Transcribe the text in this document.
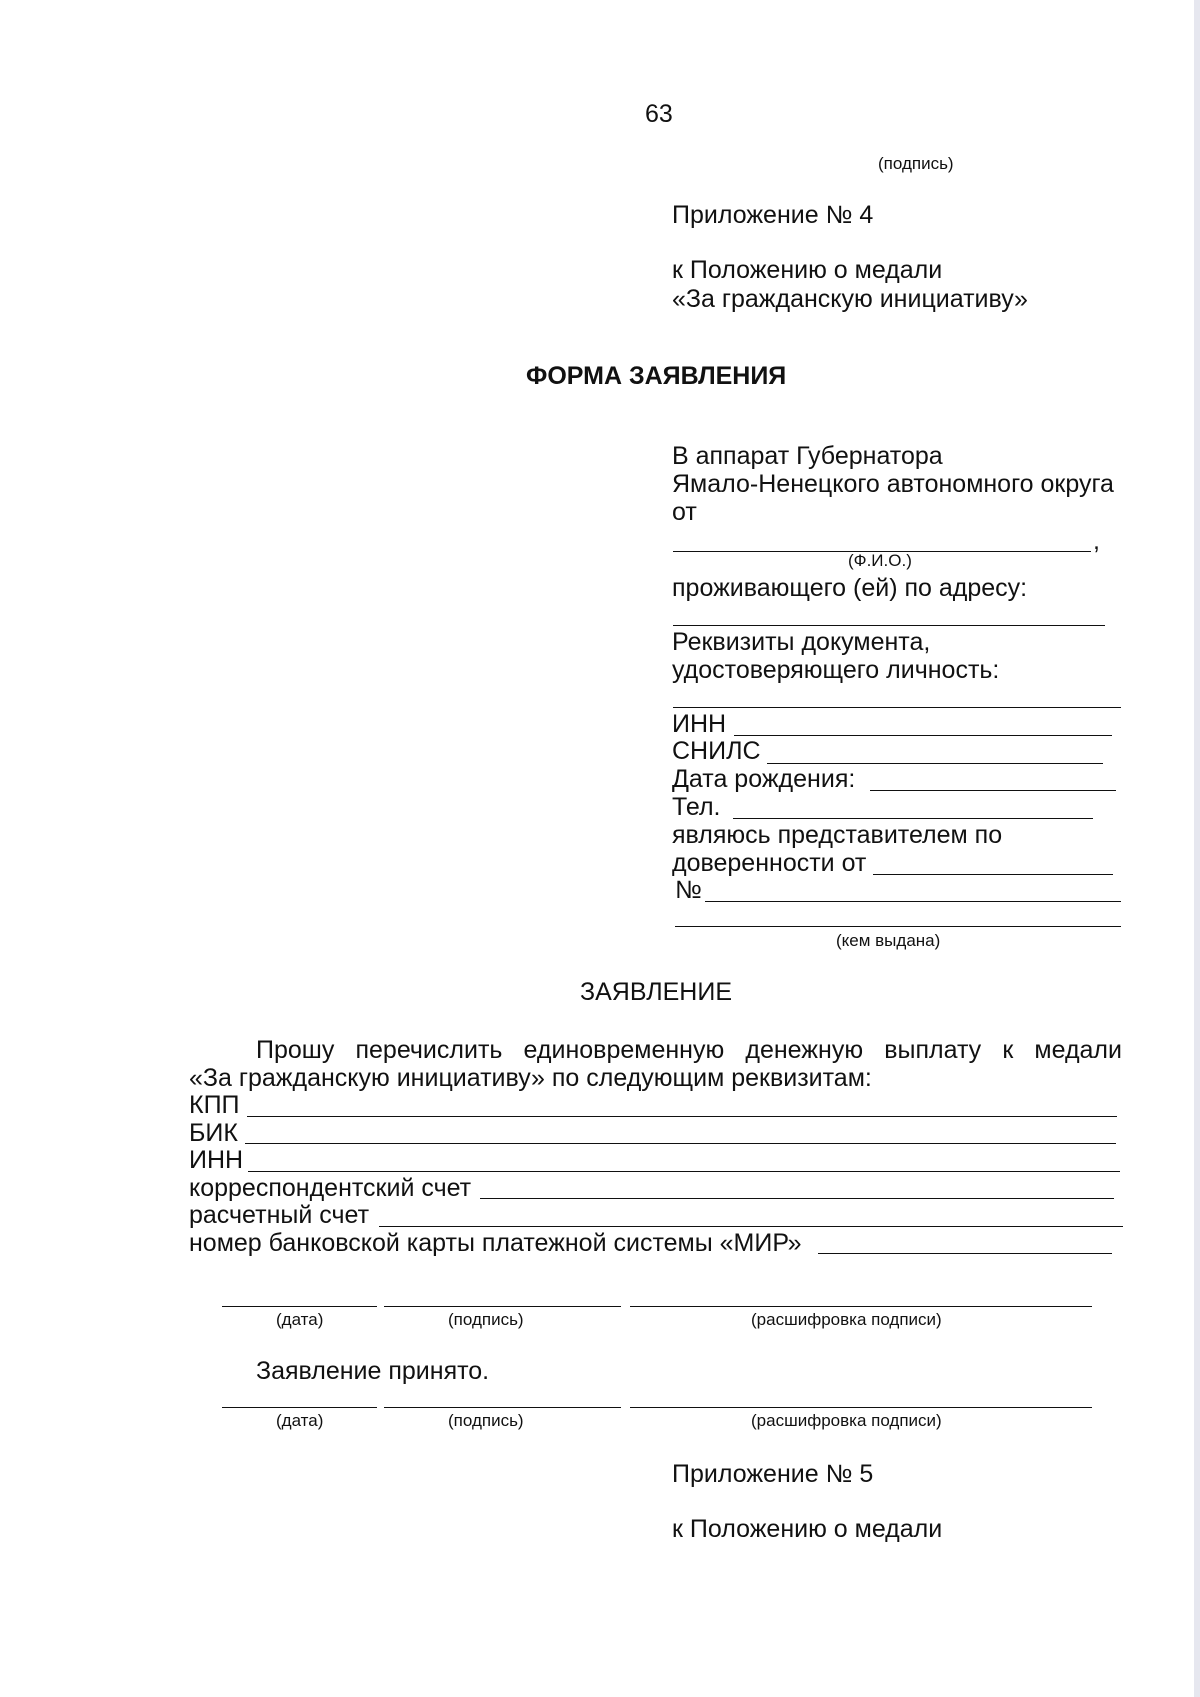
63
(подпись)
Приложение № 4
к Положению о медали
«За гражданскую инициативу»
ФОРМА ЗАЯВЛЕНИЯ
В аппарат Губернатора
Ямало-Ненецкого автономного округа
от
,
(Ф.И.О.)
проживающего (ей) по адресу:
Реквизиты документа,
удостоверяющего личность:
ИНН
СНИЛС
Дата рождения:
Тел.
являюсь представителем по
доверенности от
№
(кем выдана)
ЗАЯВЛЕНИЕ
Прошу перечислить единовременную денежную выплату к медали
«За гражданскую инициативу» по следующим реквизитам:
КПП
БИК
ИНН
корреспондентский счет
расчетный счет
номер банковской карты платежной системы «МИР»
(дата)	(подпись)	(расшифровка подписи)
Заявление принято.
(дата)	(подпись)	(расшифровка подписи)
Приложение № 5
к Положению о медали
